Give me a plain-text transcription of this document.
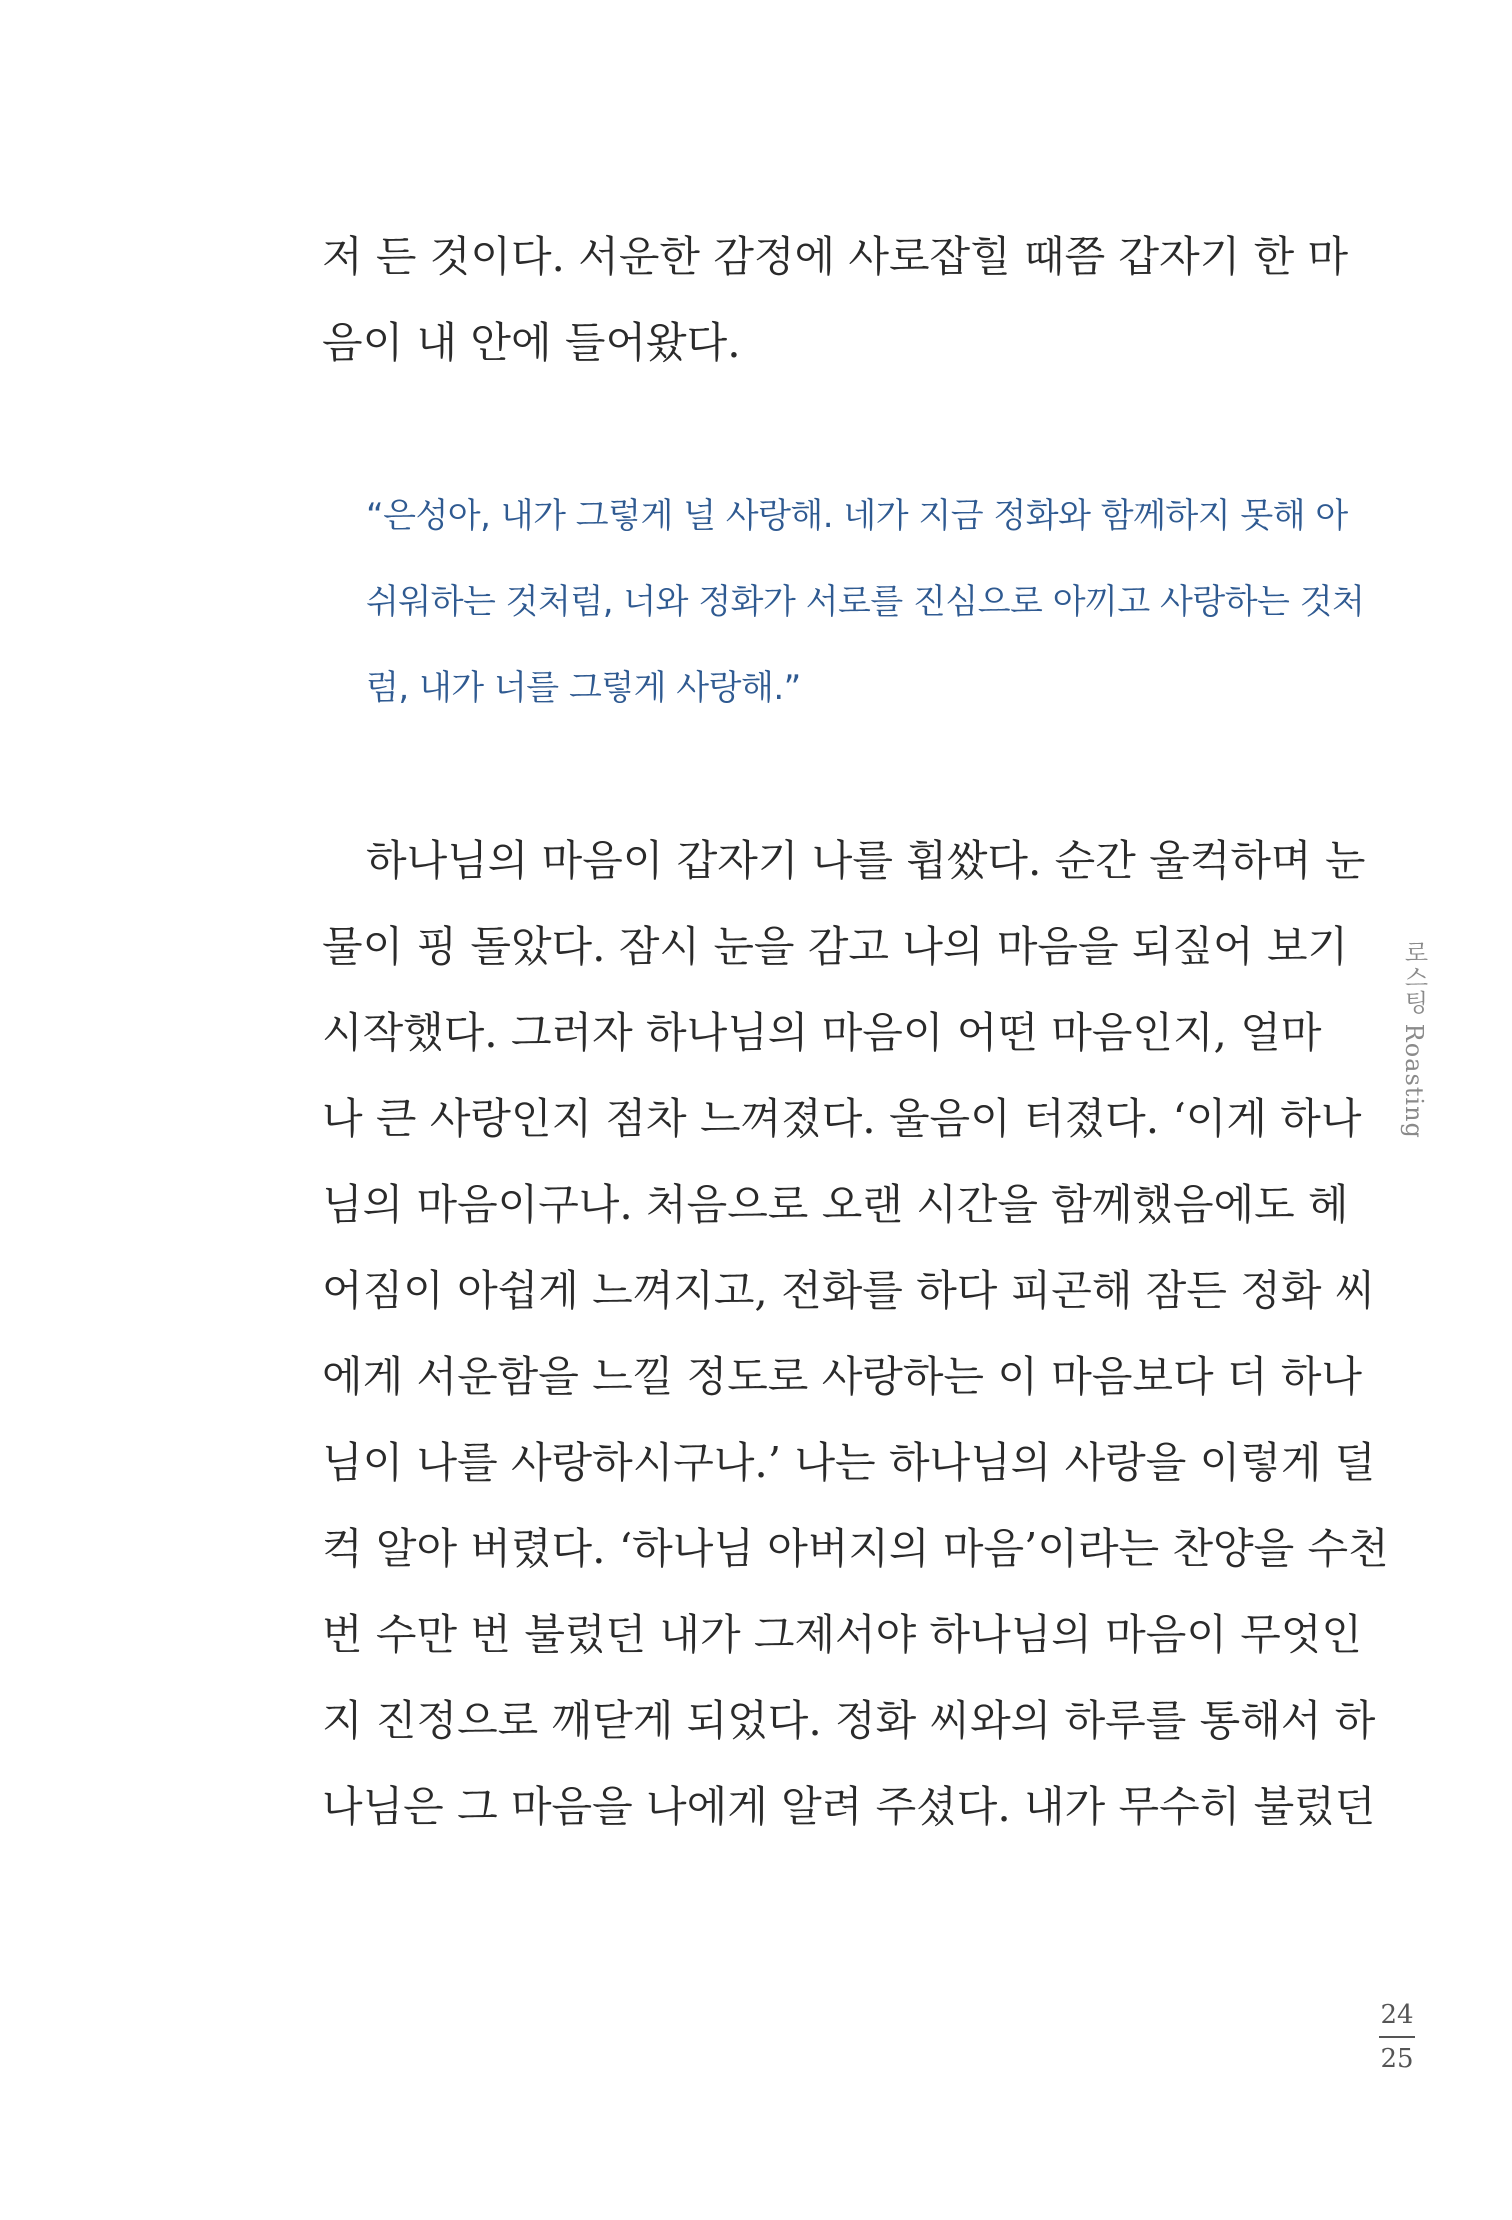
저 든 것이다. 서운한 감정에 사로잡힐 때쯤 갑자기 한 마
음이 내 안에 들어왔다.
“은성아, 내가 그렇게 널 사랑해. 네가 지금 정화와 함께하지 못해 아
쉬워하는 것처럼, 너와 정화가 서로를 진심으로 아끼고 사랑하는 것처
럼, 내가 너를 그렇게 사랑해.”
하나님의 마음이 갑자기 나를 휩쌌다. 순간 울컥하며 눈
물이 핑 돌았다. 잠시 눈을 감고 나의 마음을 되짚어 보기
시작했다. 그러자 하나님의 마음이 어떤 마음인지, 얼마
나 큰 사랑인지 점차 느껴졌다. 울음이 터졌다. ‘이게 하나
님의 마음이구나. 처음으로 오랜 시간을 함께했음에도 헤
어짐이 아쉽게 느껴지고, 전화를 하다 피곤해 잠든 정화 씨
에게 서운함을 느낄 정도로 사랑하는 이 마음보다 더 하나
님이 나를 사랑하시구나.’ 나는 하나님의 사랑을 이렇게 덜
컥 알아 버렸다. ‘하나님 아버지의 마음’이라는 찬양을 수천
번 수만 번 불렀던 내가 그제서야 하나님의 마음이 무엇인
지 진정으로 깨닫게 되었다. 정화 씨와의 하루를 통해서 하
나님은 그 마음을 나에게 알려 주셨다. 내가 무수히 불렀던
로스팅 Roasting
24
25
